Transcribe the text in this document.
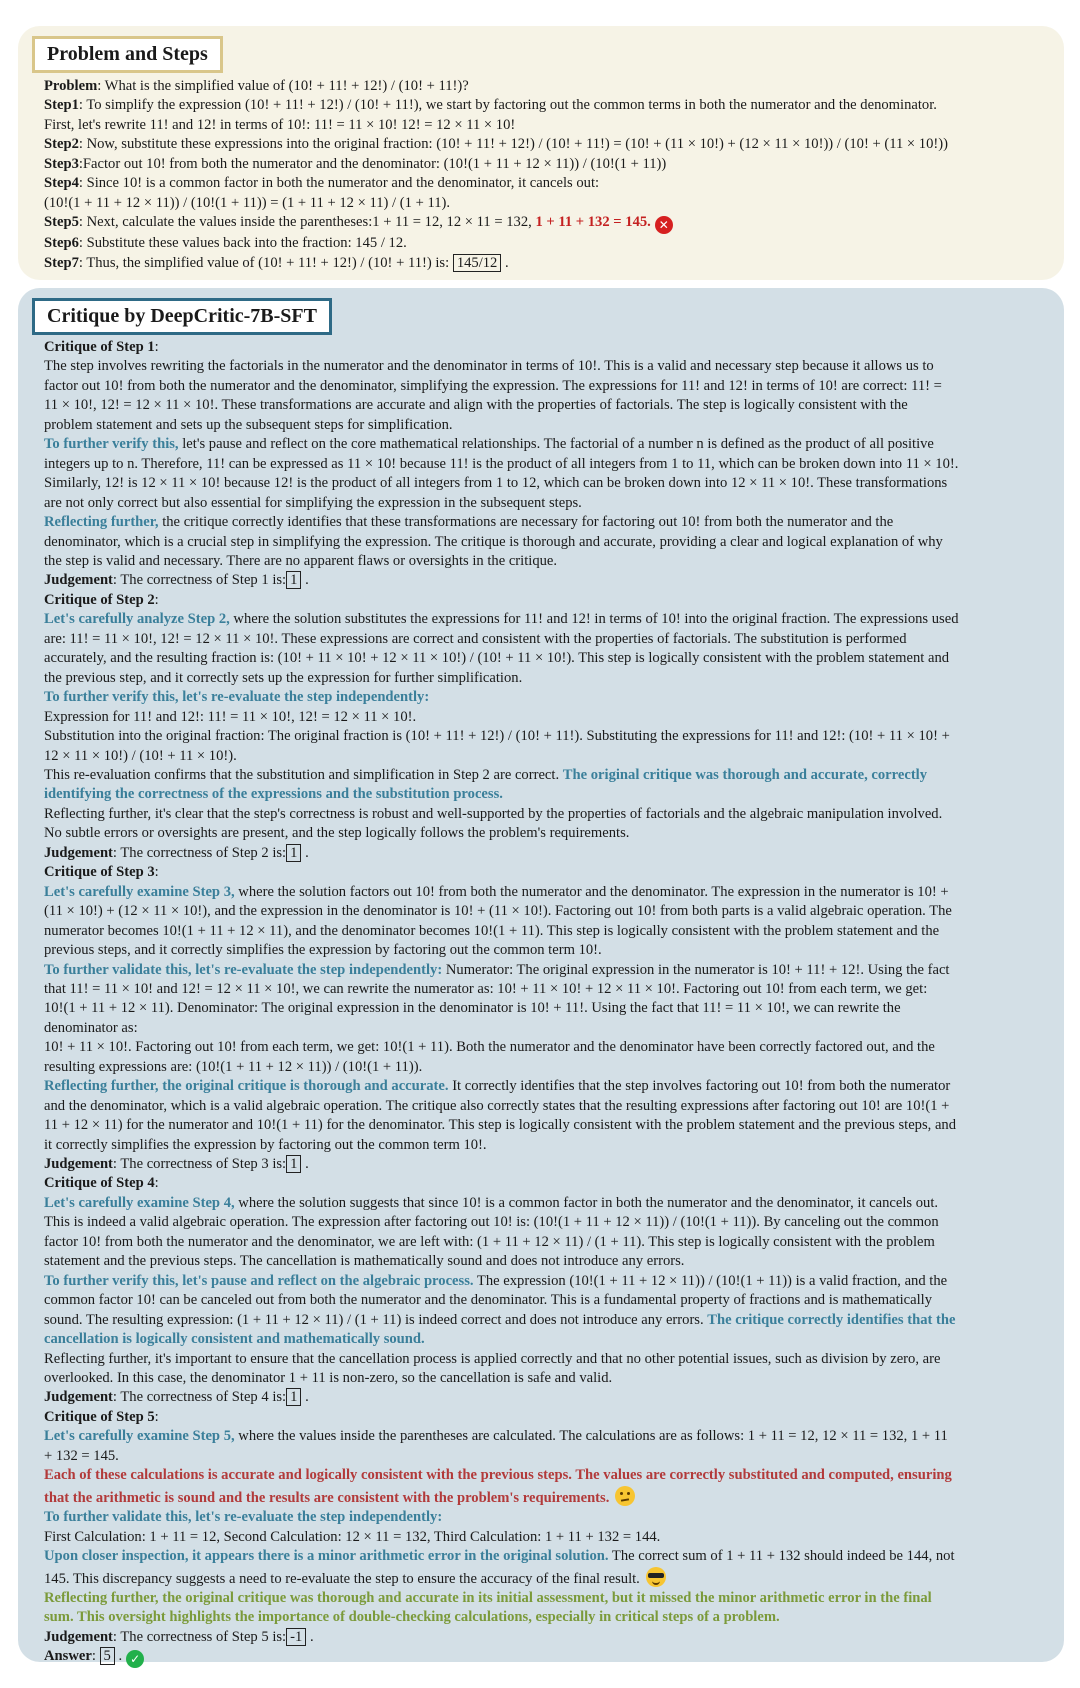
Problem and Steps
Problem: What is the simplified value of (10! + 11! + 12!) / (10! + 11!)?
Step1: To simplify the expression (10! + 11! + 12!) / (10! + 11!), we start by factoring out the common terms in both the numerator and the denominator.
First, let's rewrite 11! and 12! in terms of 10!: 11! = 11 × 10! 12! = 12 × 11 × 10!
Step2: Now, substitute these expressions into the original fraction: (10! + 11! + 12!) / (10! + 11!) = (10! + (11 × 10!) + (12 × 11 × 10!)) / (10! + (11 × 10!))
Step3:Factor out 10! from both the numerator and the denominator: (10!(1 + 11 + 12 × 11)) / (10!(1 + 11))
Step4: Since 10! is a common factor in both the numerator and the denominator, it cancels out:
(10!(1 + 11 + 12 × 11)) / (10!(1 + 11)) = (1 + 11 + 12 × 11) / (1 + 11).
Step5: Next, calculate the values inside the parentheses:1 + 11 = 12, 12 × 11 = 132, 1 + 11 + 132 = 145. ✕
Step6: Substitute these values back into the fraction: 145 / 12.
Step7: Thus, the simplified value of (10! + 11! + 12!) / (10! + 11!) is: 145/12 .
Critique by DeepCritic-7B-SFT
Critique of Step 1:
The step involves rewriting the factorials in the numerator and the denominator in terms of 10!. This is a valid and necessary step because it allows us to
factor out 10! from both the numerator and the denominator, simplifying the expression. The expressions for 11! and 12! in terms of 10! are correct: 11! =
11 × 10!, 12! = 12 × 11 × 10!. These transformations are accurate and align with the properties of factorials. The step is logically consistent with the
problem statement and sets up the subsequent steps for simplification.
To further verify this, let's pause and reflect on the core mathematical relationships. The factorial of a number n is defined as the product of all positive
integers up to n. Therefore, 11! can be expressed as 11 × 10! because 11! is the product of all integers from 1 to 11, which can be broken down into 11 × 10!.
Similarly, 12! is 12 × 11 × 10! because 12! is the product of all integers from 1 to 12, which can be broken down into 12 × 11 × 10!. These transformations
are not only correct but also essential for simplifying the expression in the subsequent steps.
Reflecting further, the critique correctly identifies that these transformations are necessary for factoring out 10! from both the numerator and the
denominator, which is a crucial step in simplifying the expression. The critique is thorough and accurate, providing a clear and logical explanation of why
the step is valid and necessary. There are no apparent flaws or oversights in the critique.
Judgement: The correctness of Step 1 is: 1 .
Critique of Step 2:
Let's carefully analyze Step 2, where the solution substitutes the expressions for 11! and 12! in terms of 10! into the original fraction. The expressions used
are: 11! = 11 × 10!, 12! = 12 × 11 × 10!. These expressions are correct and consistent with the properties of factorials. The substitution is performed
accurately, and the resulting fraction is: (10! + 11 × 10! + 12 × 11 × 10!) / (10! + 11 × 10!). This step is logically consistent with the problem statement and
the previous step, and it correctly sets up the expression for further simplification.
To further verify this, let's re-evaluate the step independently:
Expression for 11! and 12!: 11! = 11 × 10!, 12! = 12 × 11 × 10!.
Substitution into the original fraction: The original fraction is (10! + 11! + 12!) / (10! + 11!). Substituting the expressions for 11! and 12!: (10! + 11 × 10! +
12 × 11 × 10!) / (10! + 11 × 10!).
This re-evaluation confirms that the substitution and simplification in Step 2 are correct. The original critique was thorough and accurate, correctly
identifying the correctness of the expressions and the substitution process.
Reflecting further, it's clear that the step's correctness is robust and well-supported by the properties of factorials and the algebraic manipulation involved.
No subtle errors or oversights are present, and the step logically follows the problem's requirements.
Judgement: The correctness of Step 2 is: 1 .
Critique of Step 3:
Let's carefully examine Step 3, where the solution factors out 10! from both the numerator and the denominator. The expression in the numerator is 10! +
(11 × 10!) + (12 × 11 × 10!), and the expression in the denominator is 10! + (11 × 10!). Factoring out 10! from both parts is a valid algebraic operation. The
numerator becomes 10!(1 + 11 + 12 × 11), and the denominator becomes 10!(1 + 11). This step is logically consistent with the problem statement and the
previous steps, and it correctly simplifies the expression by factoring out the common term 10!.
To further validate this, let's re-evaluate the step independently: Numerator: The original expression in the numerator is 10! + 11! + 12!. Using the fact
that 11! = 11 × 10! and 12! = 12 × 11 × 10!, we can rewrite the numerator as: 10! + 11 × 10! + 12 × 11 × 10!. Factoring out 10! from each term, we get:
10!(1 + 11 + 12 × 11). Denominator: The original expression in the denominator is 10! + 11!. Using the fact that 11! = 11 × 10!, we can rewrite the
denominator as:
10! + 11 × 10!. Factoring out 10! from each term, we get: 10!(1 + 11). Both the numerator and the denominator have been correctly factored out, and the
resulting expressions are: (10!(1 + 11 + 12 × 11)) / (10!(1 + 11)).
Reflecting further, the original critique is thorough and accurate. It correctly identifies that the step involves factoring out 10! from both the numerator
and the denominator, which is a valid algebraic operation. The critique also correctly states that the resulting expressions after factoring out 10! are 10!(1 +
11 + 12 × 11) for the numerator and 10!(1 + 11) for the denominator. This step is logically consistent with the problem statement and the previous steps, and
it correctly simplifies the expression by factoring out the common term 10!.
Judgement: The correctness of Step 3 is: 1 .
Critique of Step 4:
Let's carefully examine Step 4, where the solution suggests that since 10! is a common factor in both the numerator and the denominator, it cancels out.
This is indeed a valid algebraic operation. The expression after factoring out 10! is: (10!(1 + 11 + 12 × 11)) / (10!(1 + 11)). By canceling out the common
factor 10! from both the numerator and the denominator, we are left with: (1 + 11 + 12 × 11) / (1 + 11). This step is logically consistent with the problem
statement and the previous steps. The cancellation is mathematically sound and does not introduce any errors.
To further verify this, let's pause and reflect on the algebraic process. The expression (10!(1 + 11 + 12 × 11)) / (10!(1 + 11)) is a valid fraction, and the
common factor 10! can be canceled out from both the numerator and the denominator. This is a fundamental property of fractions and is mathematically
sound. The resulting expression: (1 + 11 + 12 × 11) / (1 + 11) is indeed correct and does not introduce any errors. The critique correctly identifies that the
cancellation is logically consistent and mathematically sound.
Reflecting further, it's important to ensure that the cancellation process is applied correctly and that no other potential issues, such as division by zero, are
overlooked. In this case, the denominator 1 + 11 is non-zero, so the cancellation is safe and valid.
Judgement: The correctness of Step 4 is: 1 .
Critique of Step 5:
Let's carefully examine Step 5, where the values inside the parentheses are calculated. The calculations are as follows: 1 + 11 = 12, 12 × 11 = 132, 1 + 11
+ 132 = 145.
Each of these calculations is accurate and logically consistent with the previous steps. The values are correctly substituted and computed, ensuring
that the arithmetic is sound and the results are consistent with the problem's requirements.
To further validate this, let's re-evaluate the step independently:
First Calculation: 1 + 11 = 12, Second Calculation: 12 × 11 = 132, Third Calculation: 1 + 11 + 132 = 144.
Upon closer inspection, it appears there is a minor arithmetic error in the original solution. The correct sum of 1 + 11 + 132 should indeed be 144, not
145. This discrepancy suggests a need to re-evaluate the step to ensure the accuracy of the final result.
Reflecting further, the original critique was thorough and accurate in its initial assessment, but it missed the minor arithmetic error in the final
sum. This oversight highlights the importance of double-checking calculations, especially in critical steps of a problem.
Judgement: The correctness of Step 5 is: -1 .
Answer: 5 . ✓
